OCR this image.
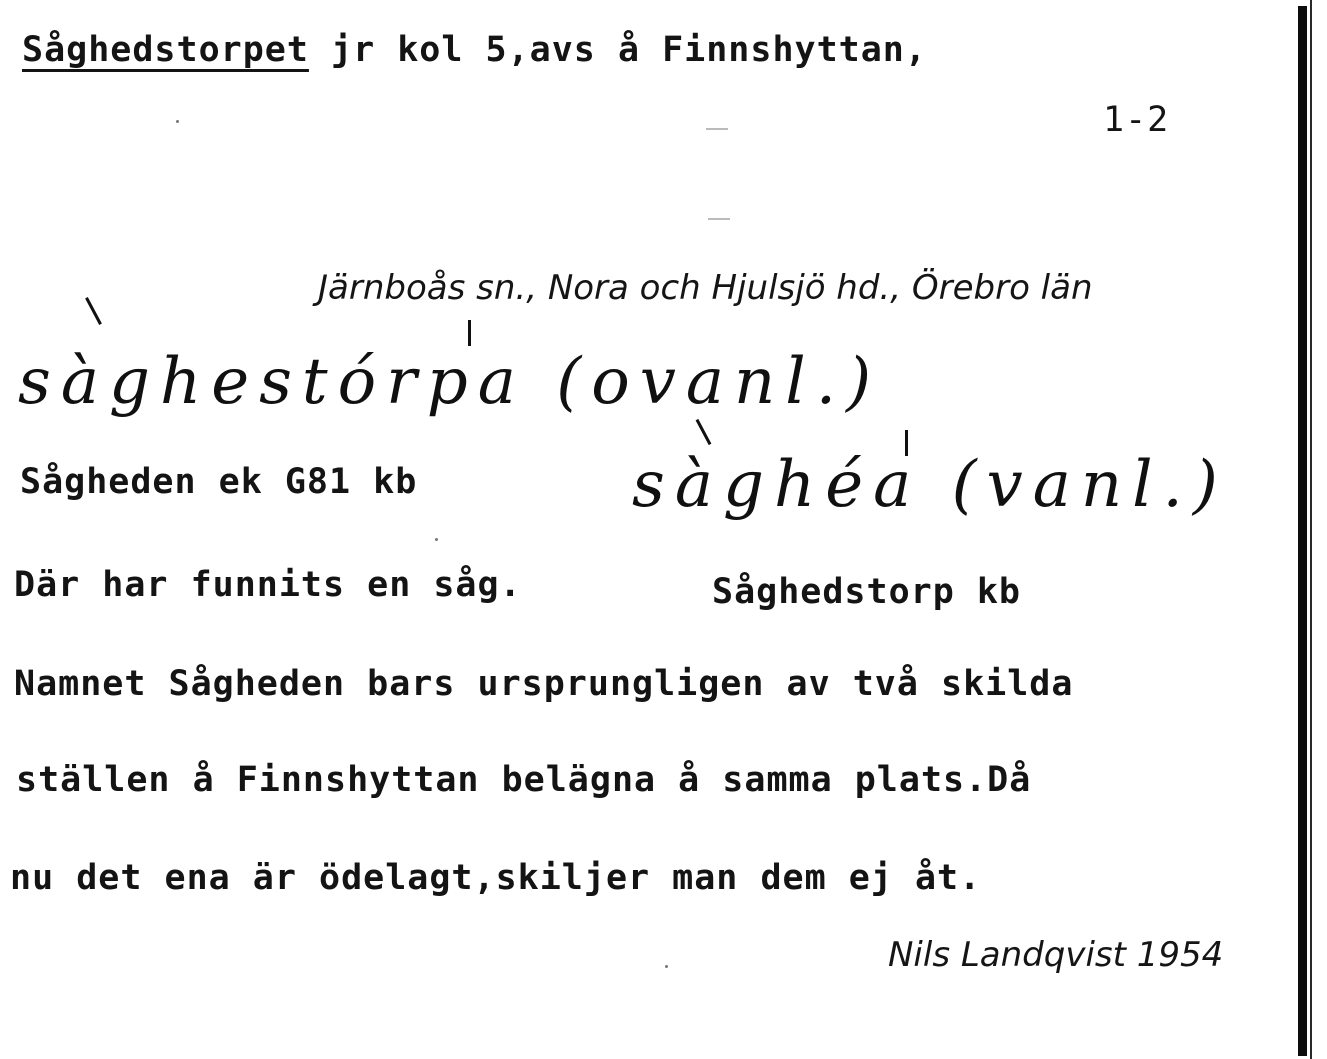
Såghedstorpet jr kol 5,avs å Finnshyttan,
1-2
Järnboås sn., Nora och Hjulsjö hd., Örebro län
sàghestórpa (ovanl.)
Sågheden ek G81 kb	sàghéa (vanl.)
Där har funnits en såg.	Såghedstorp kb
Namnet Sågheden bars ursprungligen av två skilda
ställen å Finnshyttan belägna å samma plats.Då
nu det ena är ödelagt,skiljer man dem ej åt.
Nils Landqvist 1954
